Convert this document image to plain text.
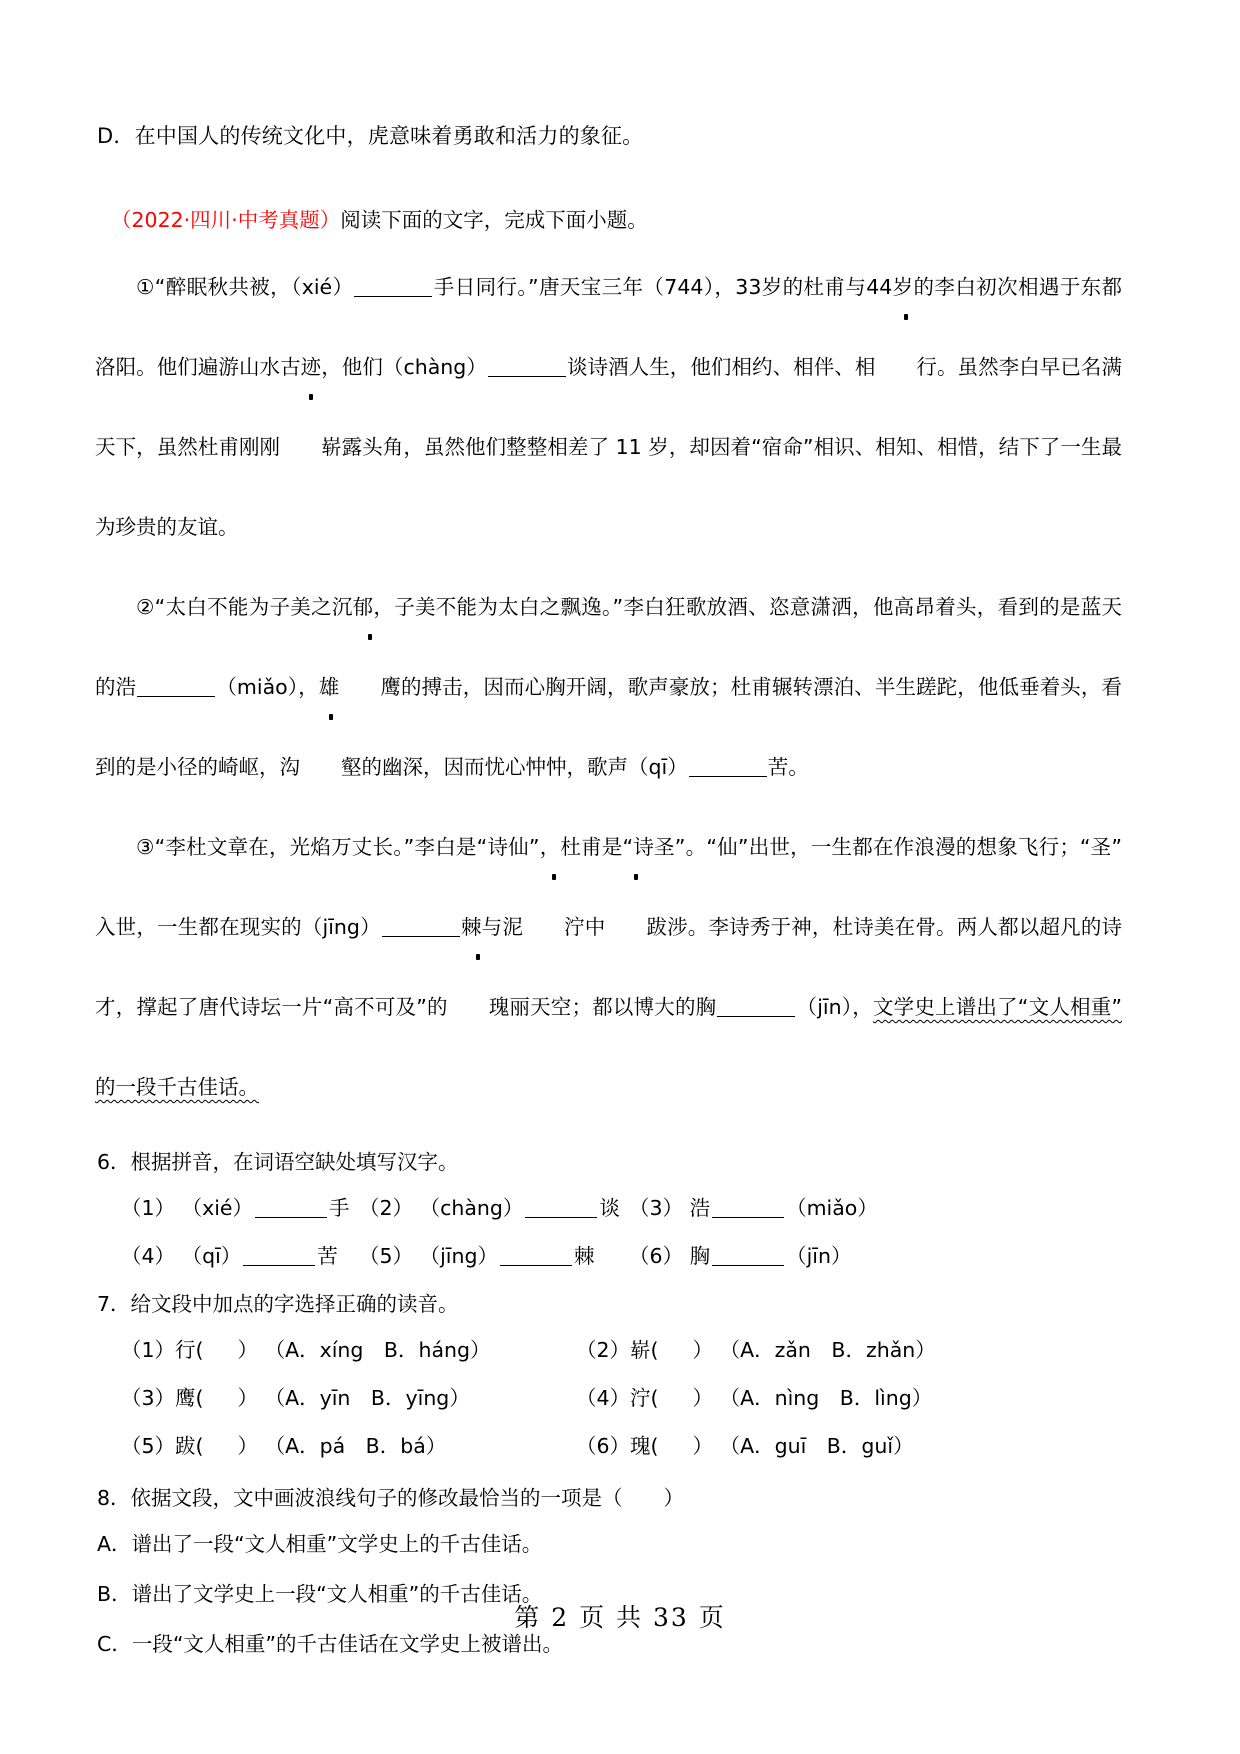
D．在中国人的传统文化中，虎意味着勇敢和活力的象征。
（2022·四川·中考真题）阅读下面的文字，完成下面小题。

①“醉眠秋共被，（xié）	手日同行。”唐天宝三年（744），33岁的杜甫与44岁的李白初次相遇于东都洛阳。他们遍游山水古迹，他们（chàng）	谈诗酒人生，他们相约、相伴、相 行。虽然李白早已名满天下，虽然杜甫刚刚 崭露头角，虽然他们整整相差了 11 岁，却因着“宿命”相识、相知、相惜，结下了一生最为珍贵的友谊。

②“太白不能为子美之沉郁，子美不能为太白之飘逸。”李白狂歌放酒、恣意潇洒，他高昂着头，看到的是蓝天的浩	（miǎo），雄 鹰的搏击，因而心胸开阔，歌声豪放；杜甫辗转漂泊、半生蹉跎，他低垂着头，看到的是小径的崎岖，沟 壑的幽深，因而忧心忡忡，歌声（qī）	苦。

③“李杜文章在，光焰万丈长。”李白是“诗仙”，杜甫是“诗圣”。“仙”出世，一生都在作浪漫的想象飞行；“圣”入世，一生都在现实的（jīng）	棘与泥 泞中 跋涉。李诗秀于神，杜诗美在骨。两人都以超凡的诗才，撑起了唐代诗坛一片“高不可及”的 瑰丽天空；都以博大的胸	（jīn），文学史上谱出了“文人相重”的一段千古佳话。

6．根据拼音，在词语空缺处填写汉字。
（1） （xié）	手 （2） （chàng）	谈 （3） 浩	（miǎo）
（4） （qī）	苦 （5） （jīng）	棘 （6） 胸	（jīn）
7．给文段中加点的字选择正确的读音。
（1）行( ） （A．xíng　B．háng）	（2）崭( ） （A．zǎn　B．zhǎn）
（3）鹰( ） （A．yīn　B．yīng）	（4）泞( ） （A．nìng　B．lìng）
（5）跋( ） （A．pá　B．bá）	（6）瑰( ） （A．guī　B．guǐ）
8．依据文段，文中画波浪线句子的修改最恰当的一项是（　　）
A．谱出了一段“文人相重”文学史上的千古佳话。
B．谱出了文学史上一段“文人相重”的千古佳话。
C．一段“文人相重”的千古佳话在文学史上被谱出。
第 2 页 共 33 页
